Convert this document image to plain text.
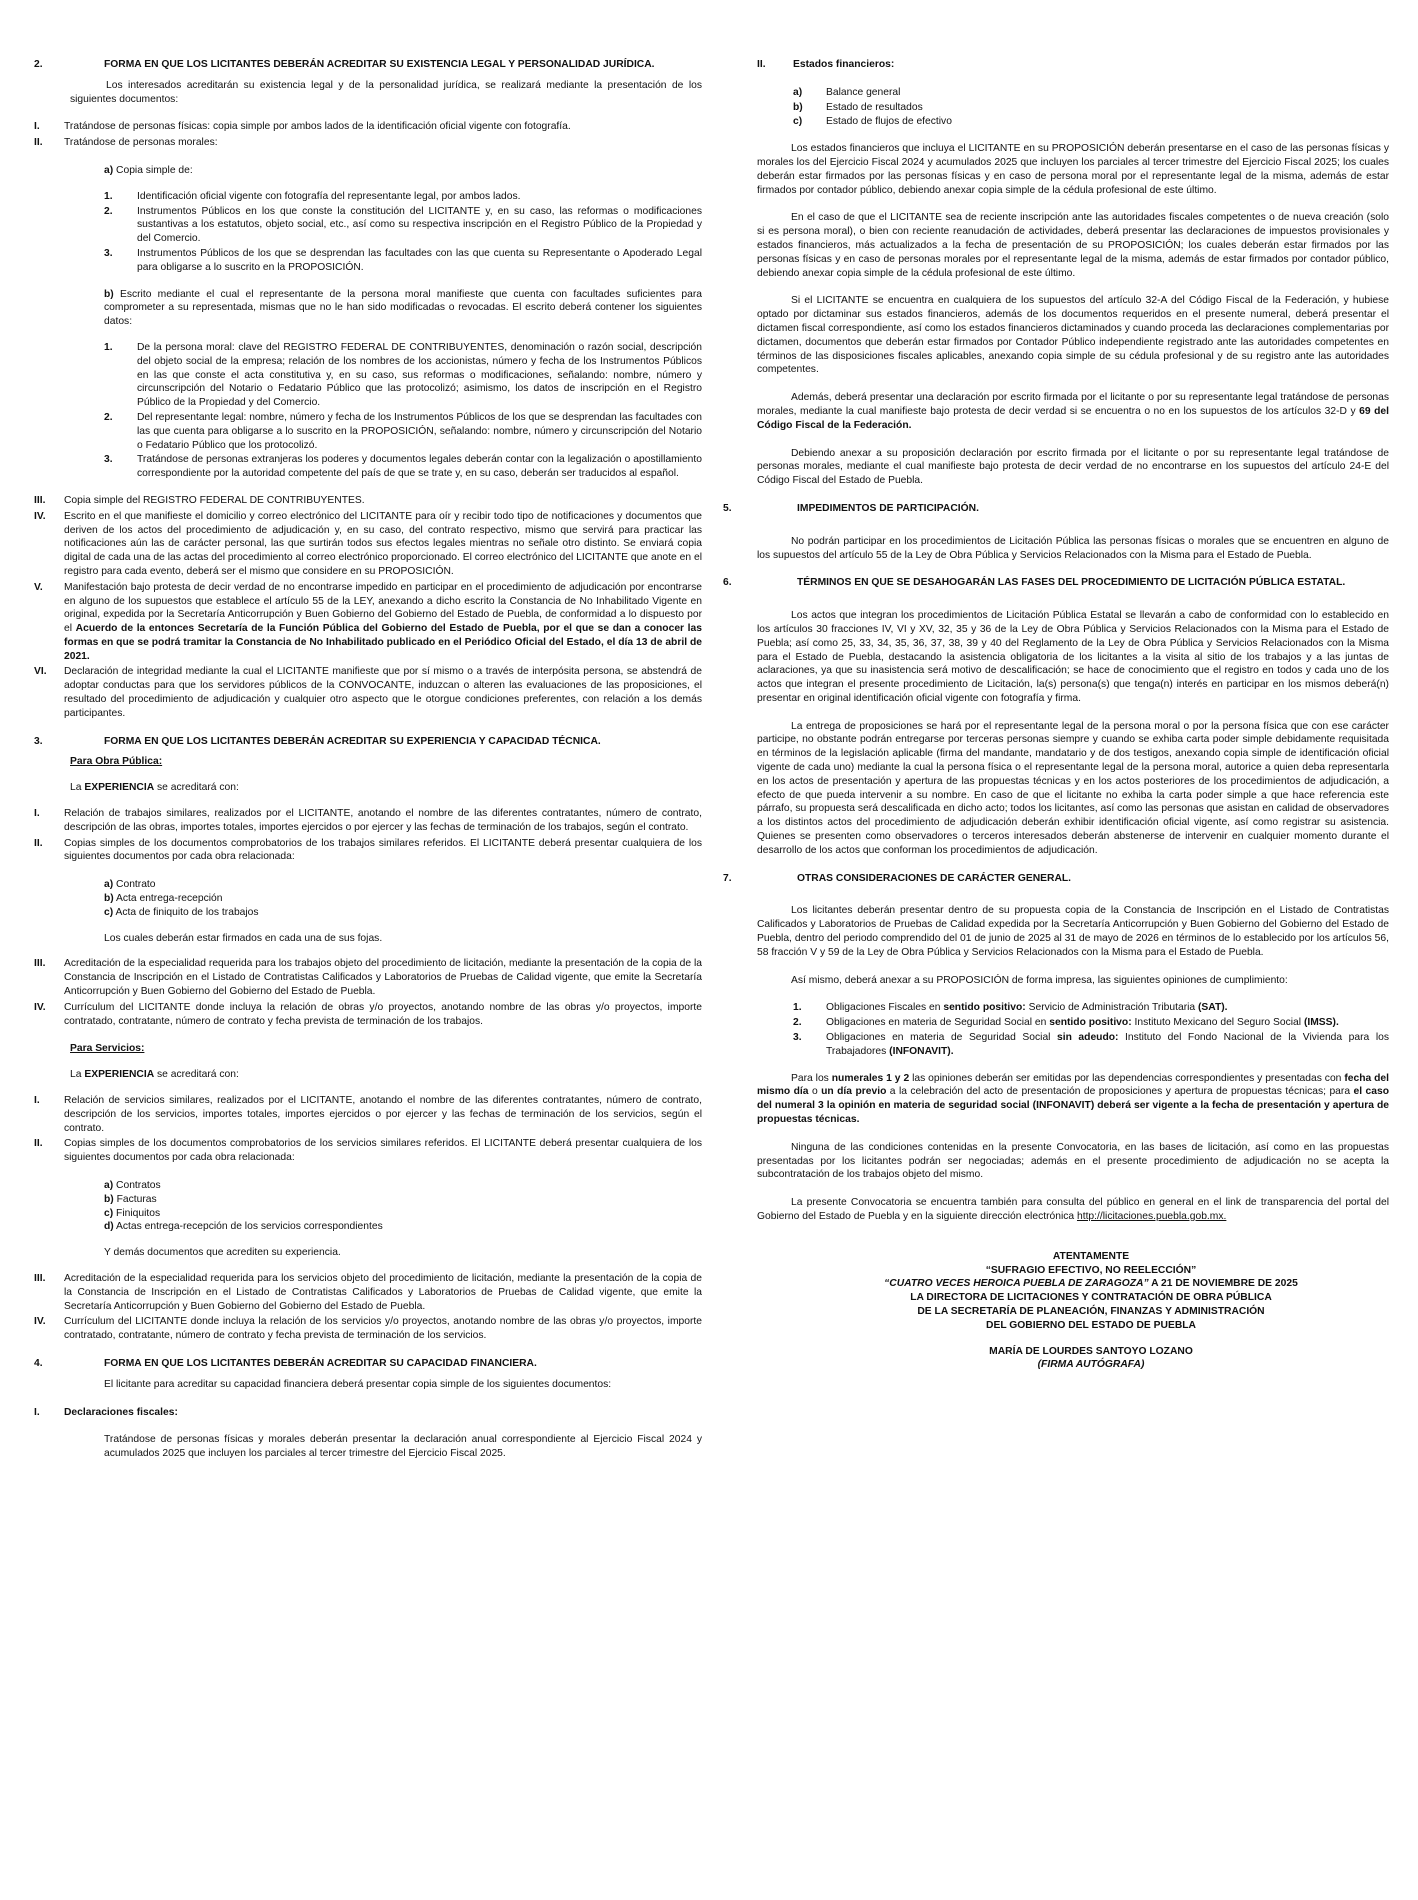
2.	FORMA EN QUE LOS LICITANTES DEBERÁN ACREDITAR SU EXISTENCIA LEGAL Y PERSONALIDAD JURÍDICA.

Los interesados acreditarán su existencia legal y de la personalidad jurídica, se realizará mediante la presentación de los siguientes documentos:

I. Tratándose de personas físicas: copia simple por ambos lados de la identificación oficial vigente con fotografía.
II. Tratándose de personas morales:

a) Copia simple de:

1. Identificación oficial vigente con fotografía del representante legal, por ambos lados.
2. Instrumentos Públicos en los que conste la constitución del LICITANTE y, en su caso, las reformas o modificaciones sustantivas a los estatutos, objeto social, etc., así como su respectiva inscripción en el Registro Público de la Propiedad y del Comercio.
3. Instrumentos Públicos de los que se desprendan las facultades con las que cuenta su Representante o Apoderado Legal para obligarse a lo suscrito en la PROPOSICIÓN.

b) Escrito mediante el cual el representante de la persona moral manifieste que cuenta con facultades suficientes para comprometer a su representada, mismas que no le han sido modificadas o revocadas. El escrito deberá contener los siguientes datos:

1. De la persona moral: clave del REGISTRO FEDERAL DE CONTRIBUYENTES, denominación o razón social, descripción del objeto social de la empresa; relación de los nombres de los accionistas, número y fecha de los Instrumentos Públicos en las que conste el acta constitutiva y, en su caso, sus reformas o modificaciones, señalando: nombre, número y circunscripción del Notario o Fedatario Público que las protocolizó; asimismo, los datos de inscripción en el Registro Público de la Propiedad y del Comercio.
2. Del representante legal: nombre, número y fecha de los Instrumentos Públicos de los que se desprendan las facultades con las que cuenta para obligarse a lo suscrito en la PROPOSICIÓN, señalando: nombre, número y circunscripción del Notario o Fedatario Público que los protocolizó.
3. Tratándose de personas extranjeras los poderes y documentos legales deberán contar con la legalización o apostillamiento correspondiente por la autoridad competente del país de que se trate y, en su caso, deberán ser traducidos al español.
III. Copia simple del REGISTRO FEDERAL DE CONTRIBUYENTES.
IV. Escrito en el que manifieste el domicilio y correo electrónico del LICITANTE para oír y recibir todo tipo de notificaciones y documentos que deriven de los actos del procedimiento de adjudicación y, en su caso, del contrato respectivo, mismo que servirá para practicar las notificaciones aún las de carácter personal, las que surtirán todos sus efectos legales mientras no señale otro distinto. Se enviará copia digital de cada una de las actas del procedimiento al correo electrónico proporcionado. El correo electrónico del LICITANTE que anote en el registro para cada evento, deberá ser el mismo que considere en su PROPOSICIÓN.
V. Manifestación bajo protesta de decir verdad de no encontrarse impedido en participar en el procedimiento de adjudicación por encontrarse en alguno de los supuestos que establece el artículo 55 de la LEY, anexando a dicho escrito la Constancia de No Inhabilitado Vigente en original, expedida por la Secretaría Anticorrupción y Buen Gobierno del Gobierno del Estado de Puebla, de conformidad a lo dispuesto por el Acuerdo de la entonces Secretaría de la Función Pública del Gobierno del Estado de Puebla, por el que se dan a conocer las formas en que se podrá tramitar la Constancia de No Inhabilitado publicado en el Periódico Oficial del Estado, el día 13 de abril de 2021.
VI. Declaración de integridad mediante la cual el LICITANTE manifieste que por sí mismo o a través de interpósita persona, se abstendrá de adoptar conductas para que los servidores públicos de la CONVOCANTE, induzcan o alteren las evaluaciones de las proposiciones, el resultado del procedimiento de adjudicación y cualquier otro aspecto que le otorgue condiciones preferentes, con relación a los demás participantes.
3.	FORMA EN QUE LOS LICITANTES DEBERÁN ACREDITAR SU EXPERIENCIA Y CAPACIDAD TÉCNICA.

Para Obra Pública:

La EXPERIENCIA se acreditará con:

I. Relación de trabajos similares, realizados por el LICITANTE, anotando el nombre de las diferentes contratantes, número de contrato, descripción de las obras, importes totales, importes ejercidos o por ejercer y las fechas de terminación de los trabajos, según el contrato.
II. Copias simples de los documentos comprobatorios de los trabajos similares referidos. El LICITANTE deberá presentar cualquiera de los siguientes documentos por cada obra relacionada:
a) Contrato
b) Acta entrega-recepción
c) Acta de finiquito de los trabajos

Los cuales deberán estar firmados en cada una de sus fojas.

III. Acreditación de la especialidad requerida para los trabajos objeto del procedimiento de licitación, mediante la presentación de la copia de la Constancia de Inscripción en el Listado de Contratistas Calificados y Laboratorios de Pruebas de Calidad vigente, que emite la Secretaría Anticorrupción y Buen Gobierno del Gobierno del Estado de Puebla.
IV. Currículum del LICITANTE donde incluya la relación de obras y/o proyectos, anotando nombre de las obras y/o proyectos, importe contratado, contratante, número de contrato y fecha prevista de terminación de los trabajos.

Para Servicios:

La EXPERIENCIA se acreditará con:

I. Relación de servicios similares, realizados por el LICITANTE, anotando el nombre de las diferentes contratantes, número de contrato, descripción de los servicios, importes totales, importes ejercidos o por ejercer y las fechas de terminación de los servicios, según el contrato.
II. Copias simples de los documentos comprobatorios de los servicios similares referidos. El LICITANTE deberá presentar cualquiera de los siguientes documentos por cada obra relacionada:
a) Contratos
b) Facturas
c) Finiquitos
d) Actas entrega-recepción de los servicios correspondientes

Y demás documentos que acrediten su experiencia.

III. Acreditación de la especialidad requerida para los servicios objeto del procedimiento de licitación, mediante la presentación de la copia de la Constancia de Inscripción en el Listado de Contratistas Calificados y Laboratorios de Pruebas de Calidad vigente, que emite la Secretaría Anticorrupción y Buen Gobierno del Gobierno del Estado de Puebla.
IV. Currículum del LICITANTE donde incluya la relación de los servicios y/o proyectos, anotando nombre de las obras y/o proyectos, importe contratado, contratante, número de contrato y fecha prevista de terminación de los servicios.
4.	FORMA EN QUE LOS LICITANTES DEBERÁN ACREDITAR SU CAPACIDAD FINANCIERA.

El licitante para acreditar su capacidad financiera deberá presentar copia simple de los siguientes documentos:

I. Declaraciones fiscales:

Tratándose de personas físicas y morales deberán presentar la declaración anual correspondiente al Ejercicio Fiscal 2024 y acumulados 2025 que incluyen los parciales al tercer trimestre del Ejercicio Fiscal 2025.

II.	Estados financieros:
a) Balance general
b) Estado de resultados
c) Estado de flujos de efectivo

Los estados financieros que incluya el LICITANTE en su PROPOSICIÓN deberán presentarse en el caso de las personas físicas y morales los del Ejercicio Fiscal 2024 y acumulados 2025 que incluyen los parciales al tercer trimestre del Ejercicio Fiscal 2025; los cuales deberán estar firmados por las personas físicas y en caso de persona moral por el representante legal de la misma, además de estar firmados por contador público, debiendo anexar copia simple de la cédula profesional de este último.

En el caso de que el LICITANTE sea de reciente inscripción ante las autoridades fiscales competentes o de nueva creación (solo si es persona moral), o bien con reciente reanudación de actividades, deberá presentar las declaraciones de impuestos provisionales y estados financieros, más actualizados a la fecha de presentación de su PROPOSICIÓN; los cuales deberán estar firmados por las personas físicas y en caso de personas morales por el representante legal de la misma, además de estar firmados por contador público, debiendo anexar copia simple de la cédula profesional de este último.

Si el LICITANTE se encuentra en cualquiera de los supuestos del artículo 32-A del Código Fiscal de la Federación, y hubiese optado por dictaminar sus estados financieros, además de los documentos requeridos en el presente numeral, deberá presentar el dictamen fiscal correspondiente, así como los estados financieros dictaminados y cuando proceda las declaraciones complementarias por dictamen, documentos que deberán estar firmados por Contador Público independiente registrado ante las autoridades competentes en términos de las disposiciones fiscales aplicables, anexando copia simple de su cédula profesional y de su registro ante las autoridades competentes.

Además, deberá presentar una declaración por escrito firmada por el licitante o por su representante legal tratándose de personas morales, mediante la cual manifieste bajo protesta de decir verdad si se encuentra o no en los supuestos de los artículos 32-D y 69 del Código Fiscal de la Federación.

Debiendo anexar a su proposición declaración por escrito firmada por el licitante o por su representante legal tratándose de personas morales, mediante el cual manifieste bajo protesta de decir verdad de no encontrarse en los supuestos del artículo 24-E del Código Fiscal del Estado de Puebla.

5.	IMPEDIMENTOS DE PARTICIPACIÓN.

No podrán participar en los procedimientos de Licitación Pública las personas físicas o morales que se encuentren en alguno de los supuestos del artículo 55 de la Ley de Obra Pública y Servicios Relacionados con la Misma para el Estado de Puebla.

6.	TÉRMINOS EN QUE SE DESAHOGARÁN LAS FASES DEL PROCEDIMIENTO DE LICITACIÓN PÚBLICA ESTATAL.

Los actos que integran los procedimientos de Licitación Pública Estatal se llevarán a cabo de conformidad con lo establecido en los artículos 30 fracciones IV, VI y XV, 32, 35 y 36 de la Ley de Obra Pública y Servicios Relacionados con la Misma para el Estado de Puebla; así como 25, 33, 34, 35, 36, 37, 38, 39 y 40 del Reglamento de la Ley de Obra Pública y Servicios Relacionados con la Misma para el Estado de Puebla, destacando la asistencia obligatoria de los licitantes a la visita al sitio de los trabajos y a las juntas de aclaraciones, ya que su inasistencia será motivo de descalificación; se hace de conocimiento que el registro en todos y cada uno de los actos que integran el presente procedimiento de Licitación, la(s) persona(s) que tenga(n) interés en participar en los mismos deberá(n) presentar en original identificación oficial vigente con fotografía y firma.

La entrega de proposiciones se hará por el representante legal de la persona moral o por la persona física que con ese carácter participe, no obstante podrán entregarse por terceras personas siempre y cuando se exhiba carta poder simple debidamente requisitada en términos de la legislación aplicable (firma del mandante, mandatario y de dos testigos, anexando copia simple de identificación oficial vigente de cada uno) mediante la cual la persona física o el representante legal de la persona moral, autorice a quien deba representarla en los actos de presentación y apertura de las propuestas técnicas y en los actos posteriores de los procedimientos de adjudicación, a efecto de que pueda intervenir a su nombre. En caso de que el licitante no exhiba la carta poder simple a que hace referencia este párrafo, su propuesta será descalificada en dicho acto; todos los licitantes, así como las personas que asistan en calidad de observadores a los distintos actos del procedimiento de adjudicación deberán exhibir identificación oficial vigente, así como registrar su asistencia. Quienes se presenten como observadores o terceros interesados deberán abstenerse de intervenir en cualquier momento durante el desarrollo de los actos que conforman los procedimientos de adjudicación.

7.	OTRAS CONSIDERACIONES DE CARÁCTER GENERAL.

Los licitantes deberán presentar dentro de su propuesta copia de la Constancia de Inscripción en el Listado de Contratistas Calificados y Laboratorios de Pruebas de Calidad expedida por la Secretaría Anticorrupción y Buen Gobierno del Gobierno del Estado de Puebla, dentro del periodo comprendido del 01 de junio de 2025 al 31 de mayo de 2026 en términos de lo establecido por los artículos 56, 58 fracción V y 59 de la Ley de Obra Pública y Servicios Relacionados con la Misma para el Estado de Puebla.

Así mismo, deberá anexar a su PROPOSICIÓN de forma impresa, las siguientes opiniones de cumplimiento:

1. Obligaciones Fiscales en sentido positivo: Servicio de Administración Tributaria (SAT).
2. Obligaciones en materia de Seguridad Social en sentido positivo: Instituto Mexicano del Seguro Social (IMSS).
3. Obligaciones en materia de Seguridad Social sin adeudo: Instituto del Fondo Nacional de la Vivienda para los Trabajadores (INFONAVIT).

Para los numerales 1 y 2 las opiniones deberán ser emitidas por las dependencias correspondientes y presentadas con fecha del mismo día o un día previo a la celebración del acto de presentación de proposiciones y apertura de propuestas técnicas; para el caso del numeral 3 la opinión en materia de seguridad social (INFONAVIT) deberá ser vigente a la fecha de presentación y apertura de propuestas técnicas.

Ninguna de las condiciones contenidas en la presente Convocatoria, en las bases de licitación, así como en las propuestas presentadas por los licitantes podrán ser negociadas; además en el presente procedimiento de adjudicación no se acepta la subcontratación de los trabajos objeto del mismo.

La presente Convocatoria se encuentra también para consulta del público en general en el link de transparencia del portal del Gobierno del Estado de Puebla y en la siguiente dirección electrónica http://licitaciones.puebla.gob.mx.

ATENTAMENTE
“SUFRAGIO EFECTIVO, NO REELECCIÓN”
“CUATRO VECES HEROICA PUEBLA DE ZARAGOZA” A 21 DE NOVIEMBRE DE 2025
LA DIRECTORA DE LICITACIONES Y CONTRATACIÓN DE OBRA PÚBLICA
DE LA SECRETARÍA DE PLANEACIÓN, FINANZAS Y ADMINISTRACIÓN
DEL GOBIERNO DEL ESTADO DE PUEBLA
MARÍA DE LOURDES SANTOYO LOZANO
(FIRMA AUTÓGRAFA)
